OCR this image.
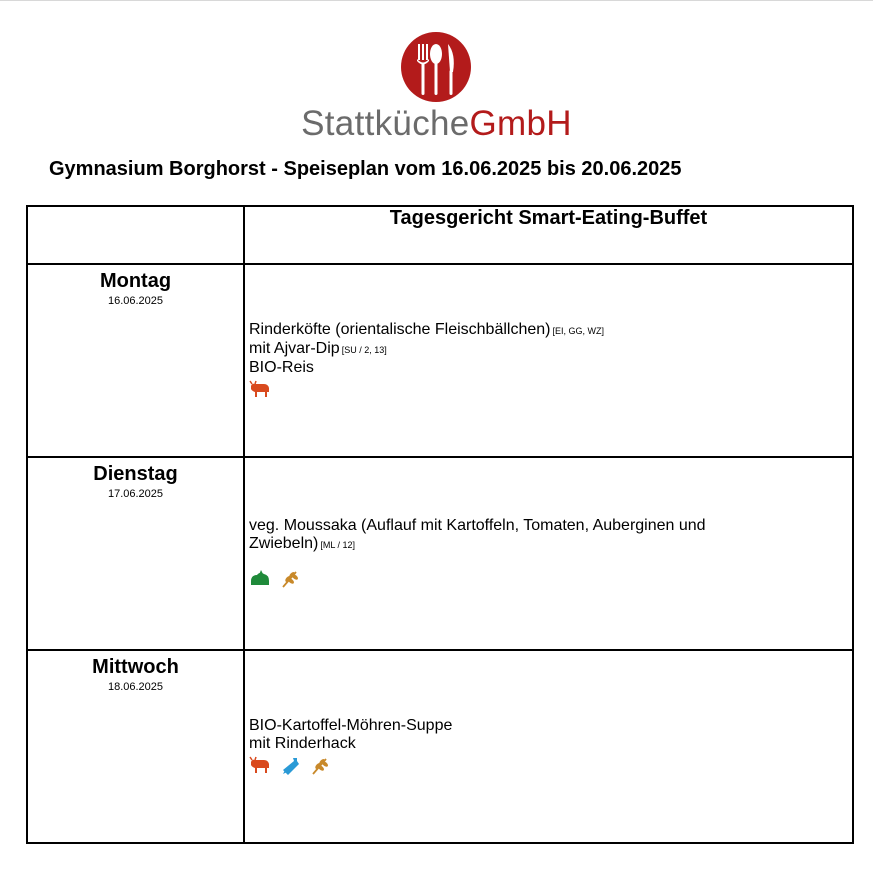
StattkücheGmbH
Gymnasium Borghorst - Speiseplan vom 16.06.2025 bis 20.06.2025
	Tagesgericht Smart-Eating-Buffet

Montag
16.06.2025	Rinderköfte (orientalische Fleischbällchen) [EI, GG, WZ]
mit Ajvar-Dip [SU / 2, 13]
BIO-Reis

Dienstag
17.06.2025	veg. Moussaka (Auflauf mit Kartoffeln, Tomaten, Auberginen und
Zwiebeln) [ML / 12]

Mittwoch
18.06.2025	BIO-Kartoffel-Möhren-Suppe
mit Rinderhack
